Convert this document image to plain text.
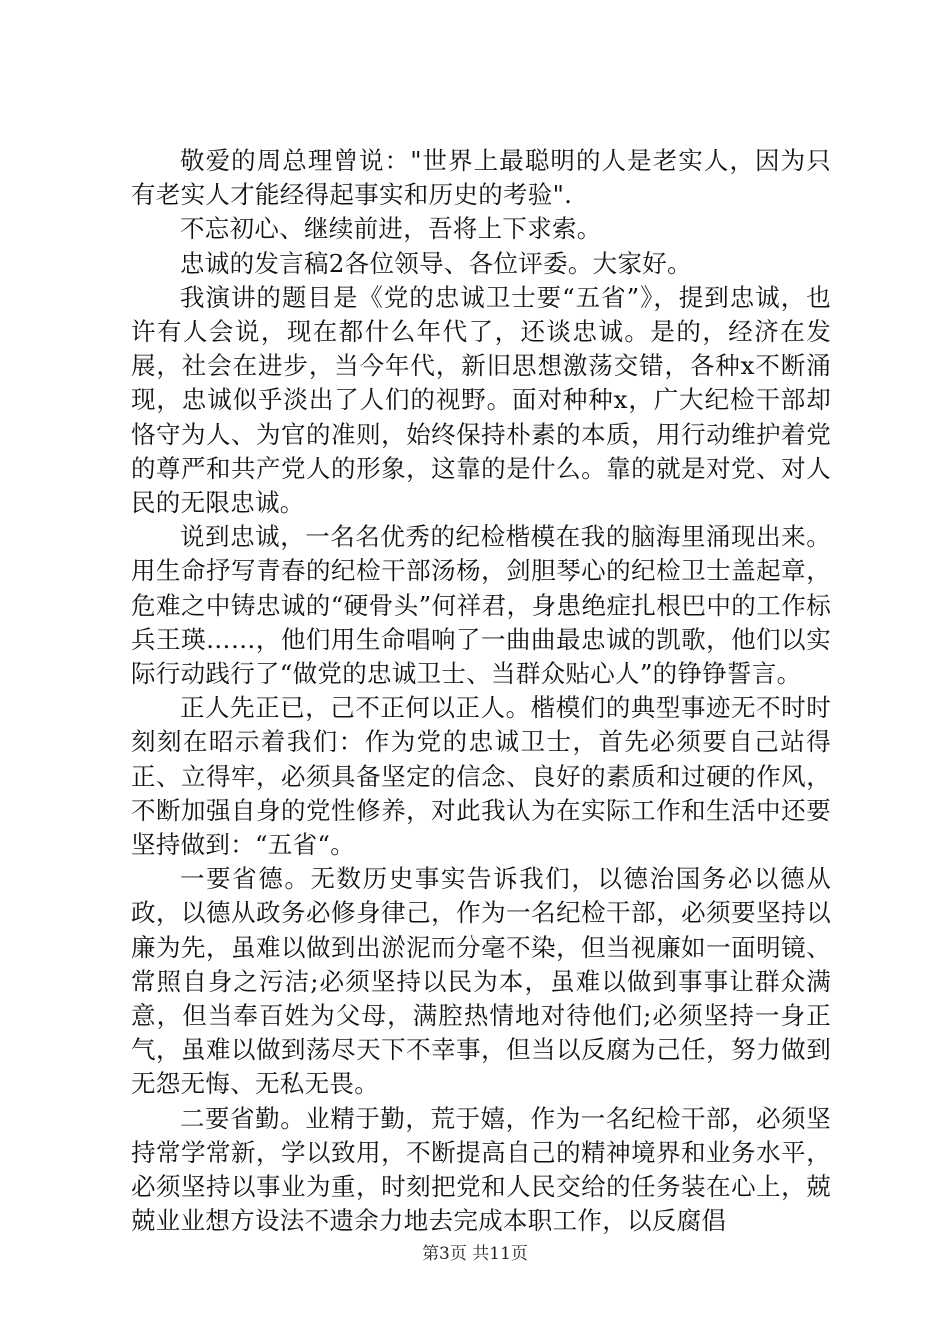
敬爱的周总理曾说："世界上最聪明的人是老实人，因为只有老实人才能经得起事实和历史的考验".

不忘初心、继续前进，吾将上下求索。

忠诚的发言稿2各位领导、各位评委。大家好。

我演讲的题目是《党的忠诚卫士要“五省”》，提到忠诚，也许有人会说，现在都什么年代了，还谈忠诚。是的，经济在发展，社会在进步，当今年代，新旧思想激荡交错，各种x不断涌现，忠诚似乎淡出了人们的视野。面对种种x，广大纪检干部却恪守为人、为官的准则，始终保持朴素的本质，用行动维护着党的尊严和共产党人的形象，这靠的是什么。靠的就是对党、对人民的无限忠诚。

说到忠诚，一名名优秀的纪检楷模在我的脑海里涌现出来。用生命抒写青春的纪检干部汤杨，剑胆琴心的纪检卫士盖起章，危难之中铸忠诚的“硬骨头”何祥君，身患绝症扎根巴中的工作标兵王瑛……，他们用生命唱响了一曲曲最忠诚的凯歌，他们以实际行动践行了“做党的忠诚卫士、当群众贴心人”的铮铮誓言。

正人先正已，己不正何以正人。楷模们的典型事迹无不时时刻刻在昭示着我们：作为党的忠诚卫士，首先必须要自己站得正、立得牢，必须具备坚定的信念、良好的素质和过硬的作风，不断加强自身的党性修养，对此我认为在实际工作和生活中还要坚持做到：“五省“。

一要省德。无数历史事实告诉我们，以德治国务必以德从政，以德从政务必修身律己，作为一名纪检干部，必须要坚持以廉为先，虽难以做到出淤泥而分毫不染，但当视廉如一面明镜、常照自身之污洁;必须坚持以民为本，虽难以做到事事让群众满意，但当奉百姓为父母，满腔热情地对待他们;必须坚持一身正气，虽难以做到荡尽天下不幸事，但当以反腐为己任，努力做到无怨无悔、无私无畏。

二要省勤。业精于勤，荒于嬉，作为一名纪检干部，必须坚持常学常新，学以致用，不断提高自己的精神境界和业务水平，必须坚持以事业为重，时刻把党和人民交给的任务装在心上，兢兢业业想方设法不遗余力地去完成本职工作，以反腐倡

第3页 共11页
